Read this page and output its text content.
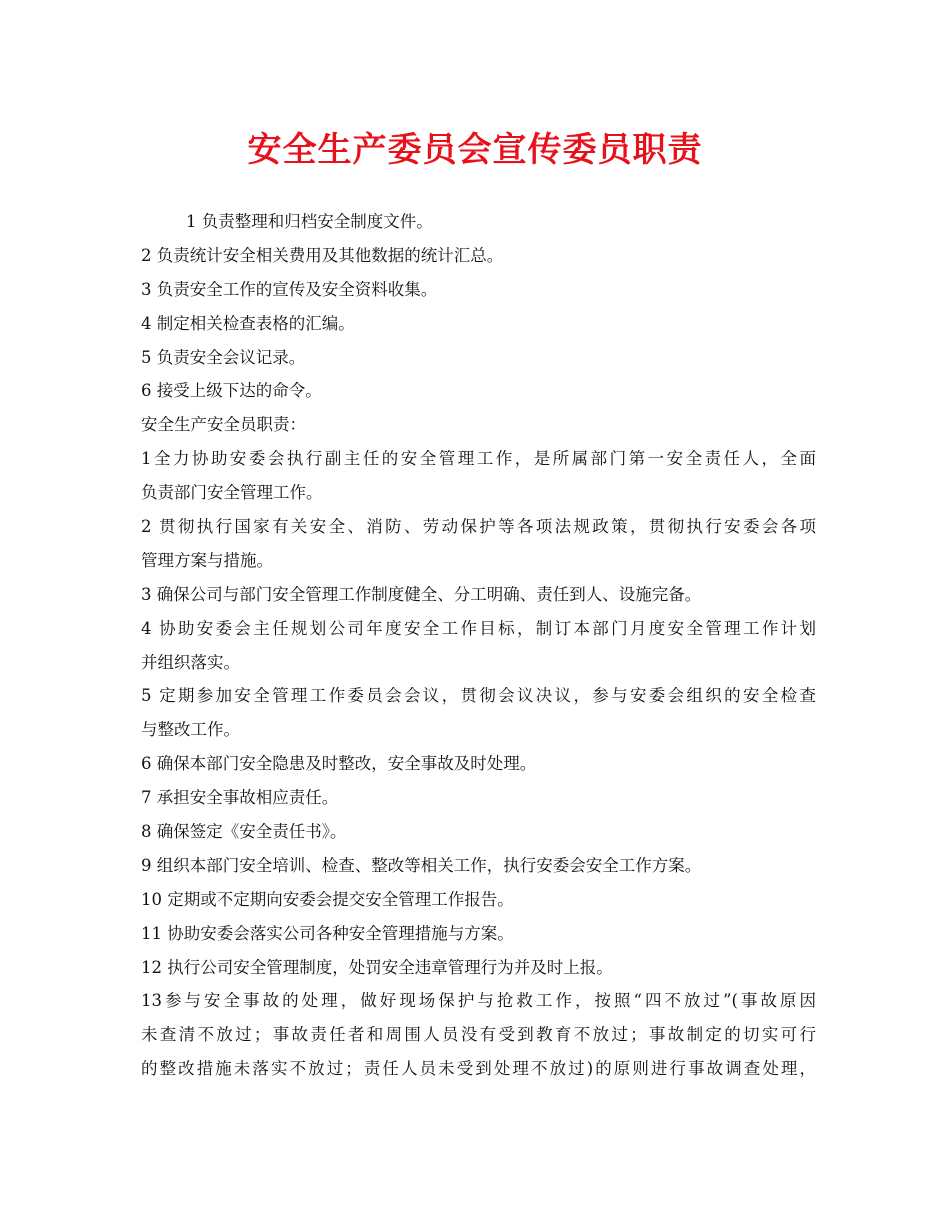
安全生产委员会宣传委员职责
1 负责整理和归档安全制度文件。
2 负责统计安全相关费用及其他数据的统计汇总。
3 负责安全工作的宣传及安全资料收集。
4 制定相关检查表格的汇编。
5 负责安全会议记录。
6 接受上级下达的命令。
安全生产安全员职责：
1全力协助安委会执行副主任的安全管理工作，是所属部门第一安全责任人，全面
负责部门安全管理工作。
2 贯彻执行国家有关安全、消防、劳动保护等各项法规政策，贯彻执行安委会各项
管理方案与措施。
3 确保公司与部门安全管理工作制度健全、分工明确、责任到人、设施完备。
4 协助安委会主任规划公司年度安全工作目标，制订本部门月度安全管理工作计划
并组织落实。
5 定期参加安全管理工作委员会会议，贯彻会议决议，参与安委会组织的安全检查
与整改工作。
6 确保本部门安全隐患及时整改，安全事故及时处理。
7 承担安全事故相应责任。
8 确保签定《安全责任书》。
9 组织本部门安全培训、检查、整改等相关工作，执行安委会安全工作方案。
10 定期或不定期向安委会提交安全管理工作报告。
11 协助安委会落实公司各种安全管理措施与方案。
12 执行公司安全管理制度，处罚安全违章管理行为并及时上报。
13参与安全事故的处理，做好现场保护与抢救工作，按照“四不放过”(事故原因
未查清不放过；事故责任者和周围人员没有受到教育不放过；事故制定的切实可行
的整改措施未落实不放过；责任人员未受到处理不放过)的原则进行事故调查处理，
